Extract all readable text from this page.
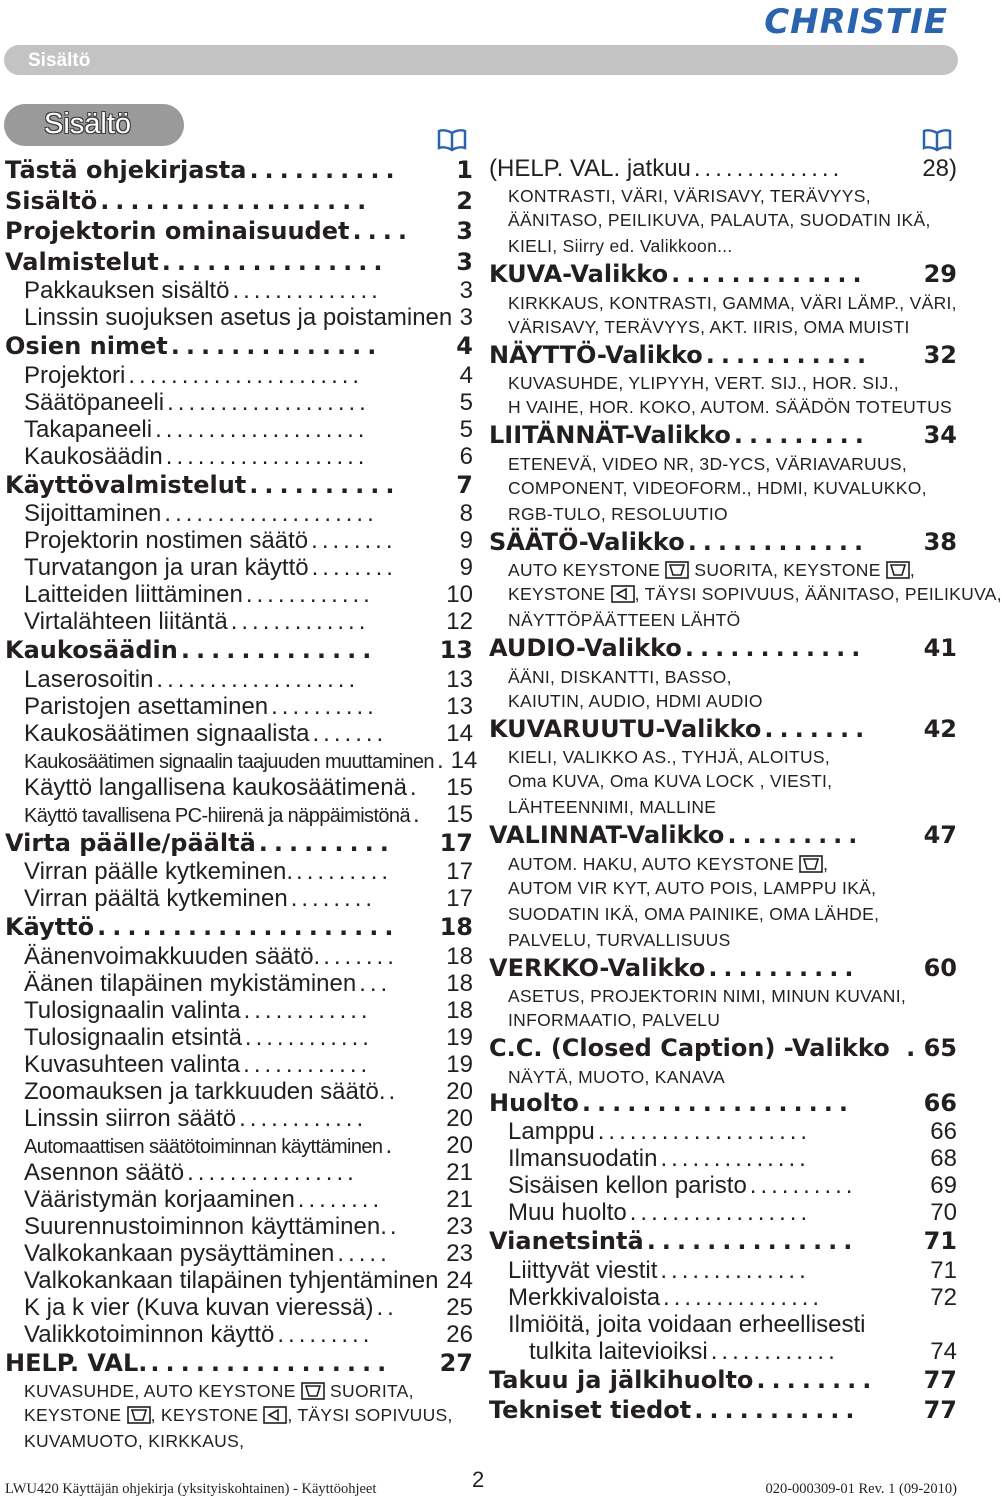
CHRISTIE
Sisältö
Sisältö
Tästä ohjekirjasta ..........	1
Sisältö ..................	2
Projektorin ominaisuudet ....	3
Valmistelut ...............	3
Pakkauksen sisältö ..............	3
Linssin suojuksen asetus ja poistaminen 3
Osien nimet ..............	4
Projektori ......................	4
Säätöpaneeli ...................	5
Takapaneeli ....................	5
Kaukosäädin ...................	6
Käyttövalmistelut ..........	7
Sijoittaminen ....................	8
Projektorin nostimen säätö ........	9
Turvatangon ja uran käyttö ........	9
Laitteiden liittäminen ............	10
Virtalähteen liitäntä .............	12
Kaukosäädin .............	13
Laserosoitin ...................	13
Paristojen asettaminen ..........	13
Kaukosäätimen signaalista .......	14
Kaukosäätimen signaalin taajuuden muuttaminen . 14
Käyttö langallisena kaukosäätimenä .	15
Käyttö tavallisena PC-hiirenä ja näppäimistönä . 15
Virta päälle/päältä .........	17
Virran päälle kytkeminen. .........	17
Virran päältä kytkeminen ........	17
Käyttö ....................	18
Äänenvoimakkuuden säätö. .......	18
Äänen tilapäinen mykistäminen ...	18
Tulosignaalin valinta ............	18
Tulosignaalin etsintä ............	19
Kuvasuhteen valinta ............	19
Zoomauksen ja tarkkuuden säätö. .	20
Linssin siirron säätö ............	20
Automaattisen säätötoiminnan käyttäminen .	20
Asennon säätö ................	21
Vääristymän korjaaminen ........	21
Suurennustoiminnon käyttäminen. .	23
Valkokankaan pysäyttäminen .....	23
Valkokankaan tilapäinen tyhjentäminen 24
K ja k vier (Kuva kuvan vieressä) ..	25
Valikkotoiminnon käyttö .........	26
HELP. VAL. ................	27
KUVASUHDE, AUTO KEYSTONE  SUORITA,
KEYSTONE , KEYSTONE , TÄYSI SOPIVUUS,
KUVAMUOTO, KIRKKAUS,
(HELP. VAL. jatkuu ..............	28)
KONTRASTI, VÄRI, VÄRISAVY, TERÄVYYS,
ÄÄNITASO, PEILIKUVA, PALAUTA, SUODATIN IKÄ,
KIELI, Siirry ed. Valikkoon...
KUVA-Valikko .............	29
KIRKKAUS, KONTRASTI, GAMMA, VÄRI LÄMP., VÄRI,
VÄRISAVY, TERÄVYYS, AKT. IIRIS, OMA MUISTI
NÄYTTÖ-Valikko ...........	32
KUVASUHDE, YLIPYYH, VERT. SIJ., HOR. SIJ.,
H VAIHE, HOR. KOKO, AUTOM. SÄÄDÖN TOTEUTUS
LIITÄNNÄT-Valikko .........	34
ETENEVÄ, VIDEO NR, 3D-YCS, VÄRIAVARUUS,
COMPONENT, VIDEOFORM., HDMI, KUVALUKKO,
RGB-TULO, RESOLUUTIO
SÄÄTÖ-Valikko ............	38
AUTO KEYSTONE  SUORITA, KEYSTONE ,
KEYSTONE , TÄYSI SOPIVUUS, ÄÄNITASO, PEILIKUVA,
NÄYTTÖPÄÄTTEEN LÄHTÖ
AUDIO-Valikko ............	41
ÄÄNI, DISKANTTI, BASSO,
KAIUTIN, AUDIO, HDMI AUDIO
KUVARUUTU-Valikko .......	42
KIELI, VALIKKO AS., TYHJÄ, ALOITUS,
Oma KUVA, Oma KUVA LOCK , VIESTI,
LÄHTEENNIMI, MALLINE
VALINNAT-Valikko .........	47
AUTOM. HAKU, AUTO KEYSTONE ,
AUTOM VIR KYT, AUTO POIS, LAMPPU IKÄ,
SUODATIN IKÄ, OMA PAINIKE, OMA LÄHDE,
PALVELU, TURVALLISUUS
VERKKO-Valikko ..........	60
ASETUS, PROJEKTORIN NIMI, MINUN KUVANI,
INFORMAATIO, PALVELU
C.C. (Closed Caption) -Valikko . 65
NÄYTÄ, MUOTO, KANAVA
Huolto ..................	66
Lamppu ....................	66
Ilmansuodatin ..............	68
Sisäisen kellon paristo ..........	69
Muu huolto .................	70
Vianetsintä ..............	71
Liittyvät viestit ..............	71
Merkkivaloista ...............	72
Ilmiöitä, joita voidaan erheellisesti
tulkita laitevioiksi ............	74
Takuu ja jälkihuolto ........	77
Tekniset tiedot ...........	77
LWU420 Käyttäjän ohjekirja (yksityiskohtainen) - Käyttöohjeet	2	020-000309-01 Rev. 1 (09-2010)
